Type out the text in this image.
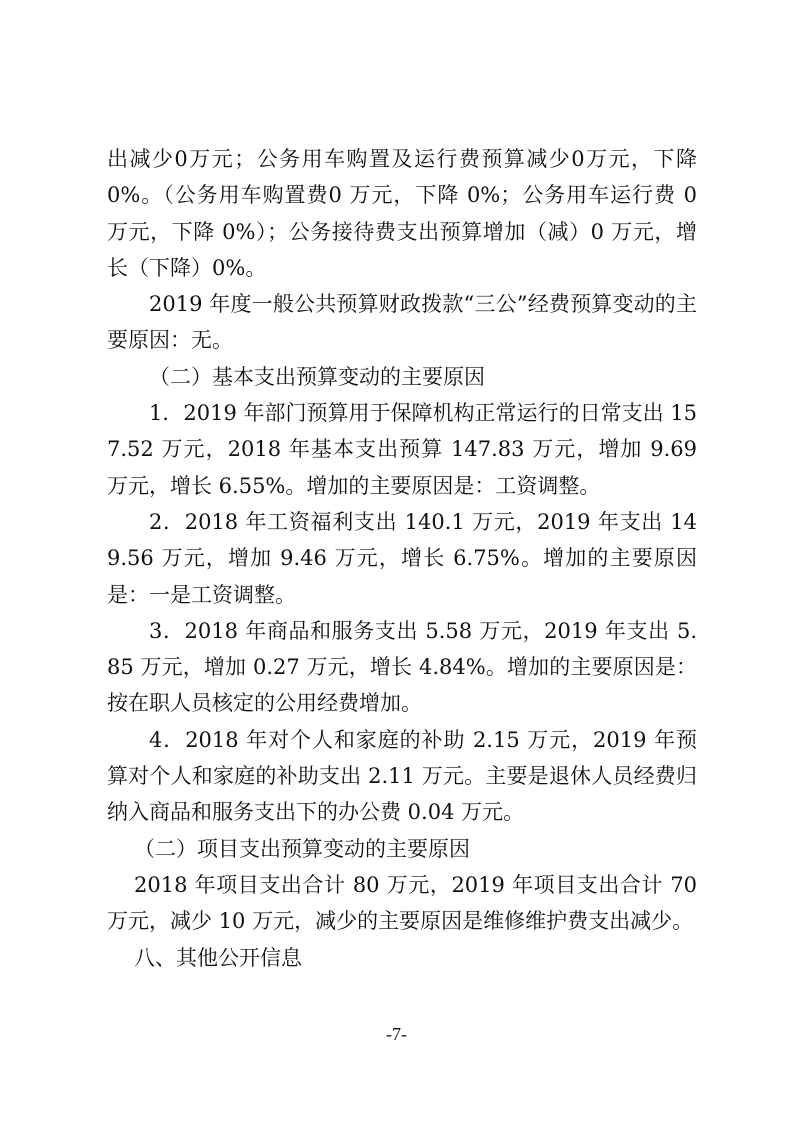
出减少0万元；公务用车购置及运行费预算减少0万元，下降0%。（公务用车购置费0 万元，下降 0%；公务用车运行费 0 万元，下降 0%）；公务接待费支出预算增加（减）0 万元，增长（下降）0%。

2019 年度一般公共预算财政拨款“三公”经费预算变动的主要原因：无。

（二）基本支出预算变动的主要原因

1．2019 年部门预算用于保障机构正常运行的日常支出 157.52 万元，2018 年基本支出预算 147.83 万元，增加 9.69 万元，增长 6.55%。增加的主要原因是：工资调整。

2．2018 年工资福利支出 140.1 万元，2019 年支出 149.56 万元，增加 9.46 万元，增长 6.75%。增加的主要原因是：一是工资调整。

3．2018 年商品和服务支出 5.58 万元，2019 年支出 5.85 万元，增加 0.27 万元，增长 4.84%。增加的主要原因是：按在职人员核定的公用经费增加。

4．2018 年对个人和家庭的补助 2.15 万元，2019 年预算对个人和家庭的补助支出 2.11 万元。主要是退休人员经费归纳入商品和服务支出下的办公费 0.04 万元。

（二）项目支出预算变动的主要原因

2018 年项目支出合计 80 万元，2019 年项目支出合计 70 万元，减少 10 万元，减少的主要原因是维修维护费支出减少。

八、其他公开信息

-7-
